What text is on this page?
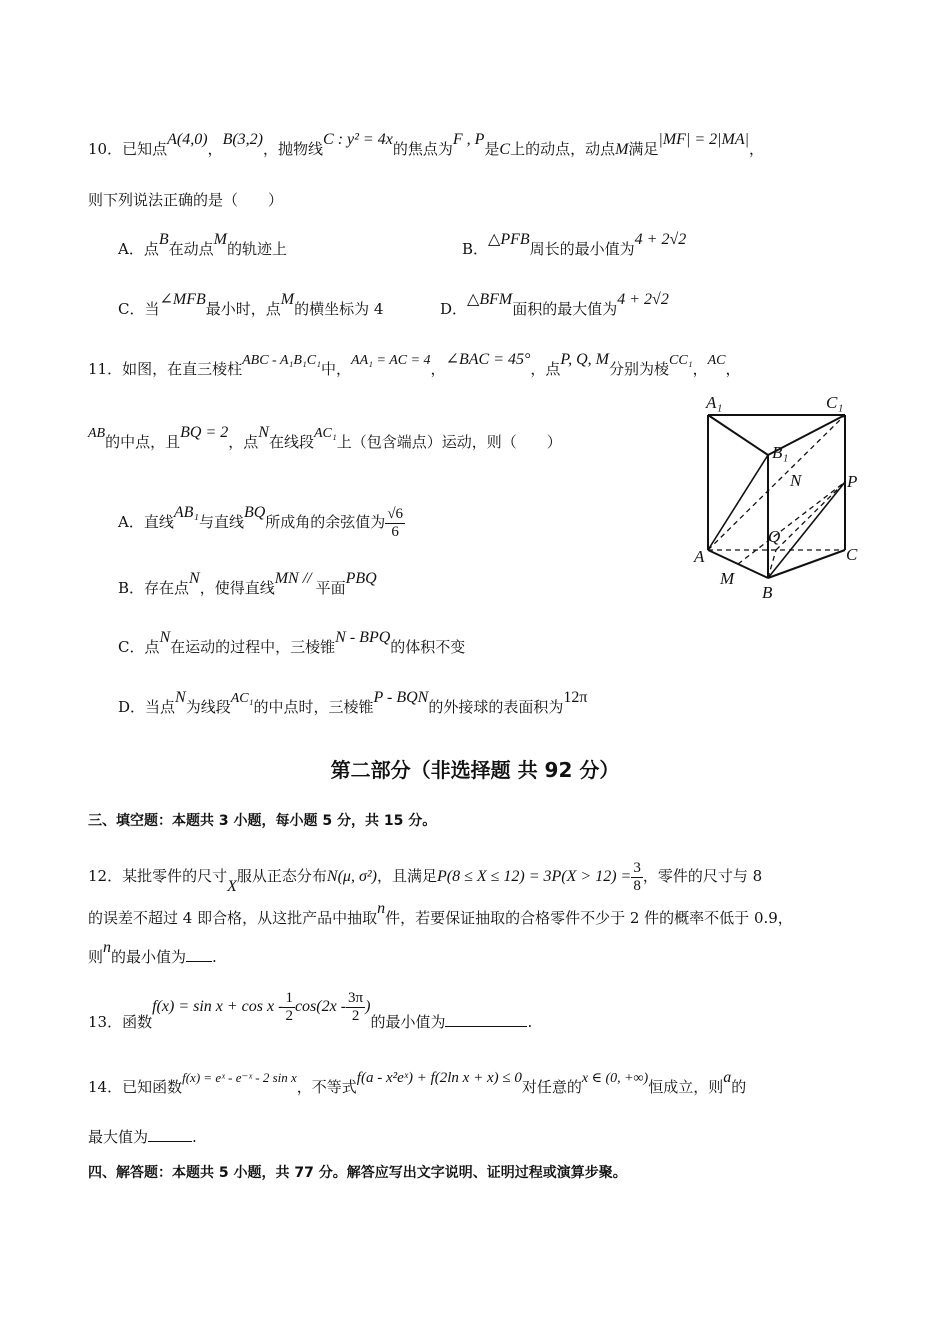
10．已知点A(4,0)，B(3,2)，抛物线C : y² = 4x的焦点为F , P是C上的动点，动点M满足|MF| = 2|MA|，
则下列说法正确的是（　　）
A．点B在动点M的轨迹上	B．△PFB周长的最小值为4 + 2√2
C．当∠MFB最小时，点M的横坐标为 4	D．△BFM面积的最大值为4 + 2√2
11．如图，在直三棱柱ABC - A₁B₁C₁中，AA₁ = AC = 4，∠BAC = 45°，点P, Q, M分别为棱CC₁，AC，
AB的中点，且BQ = 2，点N在线段AC₁上（包含端点）运动，则（　　）
A．直线AB₁与直线BQ所成角的余弦值为 $\frac{√6}{6}$
B．存在点N，使得直线MN // 平面PBQ
C．点N在运动的过程中，三棱锥N - BPQ的体积不变
D．当点N为线段AC₁的中点时，三棱锥P - BQN的外接球的表面积为12π
A₁	C₁
B₁
N	P
Q
A	C
M
B
第二部分（非选择题 共 92 分）
三、填空题：本题共 3 小题，每小题 5 分，共 15 分。
12．某批零件的尺寸X服从正态分布N(μ, σ²)，且满足$P(8 \le X \le 12) = 3P(X > 12) = \frac{3}{8}$ ，零件的尺寸与 8
的误差不超过 4 即合格，从这批产品中抽取n件，若要保证抽取的合格零件不少于 2 件的概率不低于 0.9，
则n的最小值为 .
13．函数$f(x) = \sin x + \cos x - \frac{1}{2} \cos(2x - \frac{3\pi}{2}$ )的最小值为	.
14．已知函数f(x) = eˣ - e⁻ˣ - 2 sin x，不等式f(a - x²eˣ) + f(2ln x + x) ≤ 0对任意的x ∈ (0, +∞)恒成立，则a的
最大值为	.
四、解答题：本题共 5 小题，共 77 分。解答应写出文字说明、证明过程或演算步聚。
